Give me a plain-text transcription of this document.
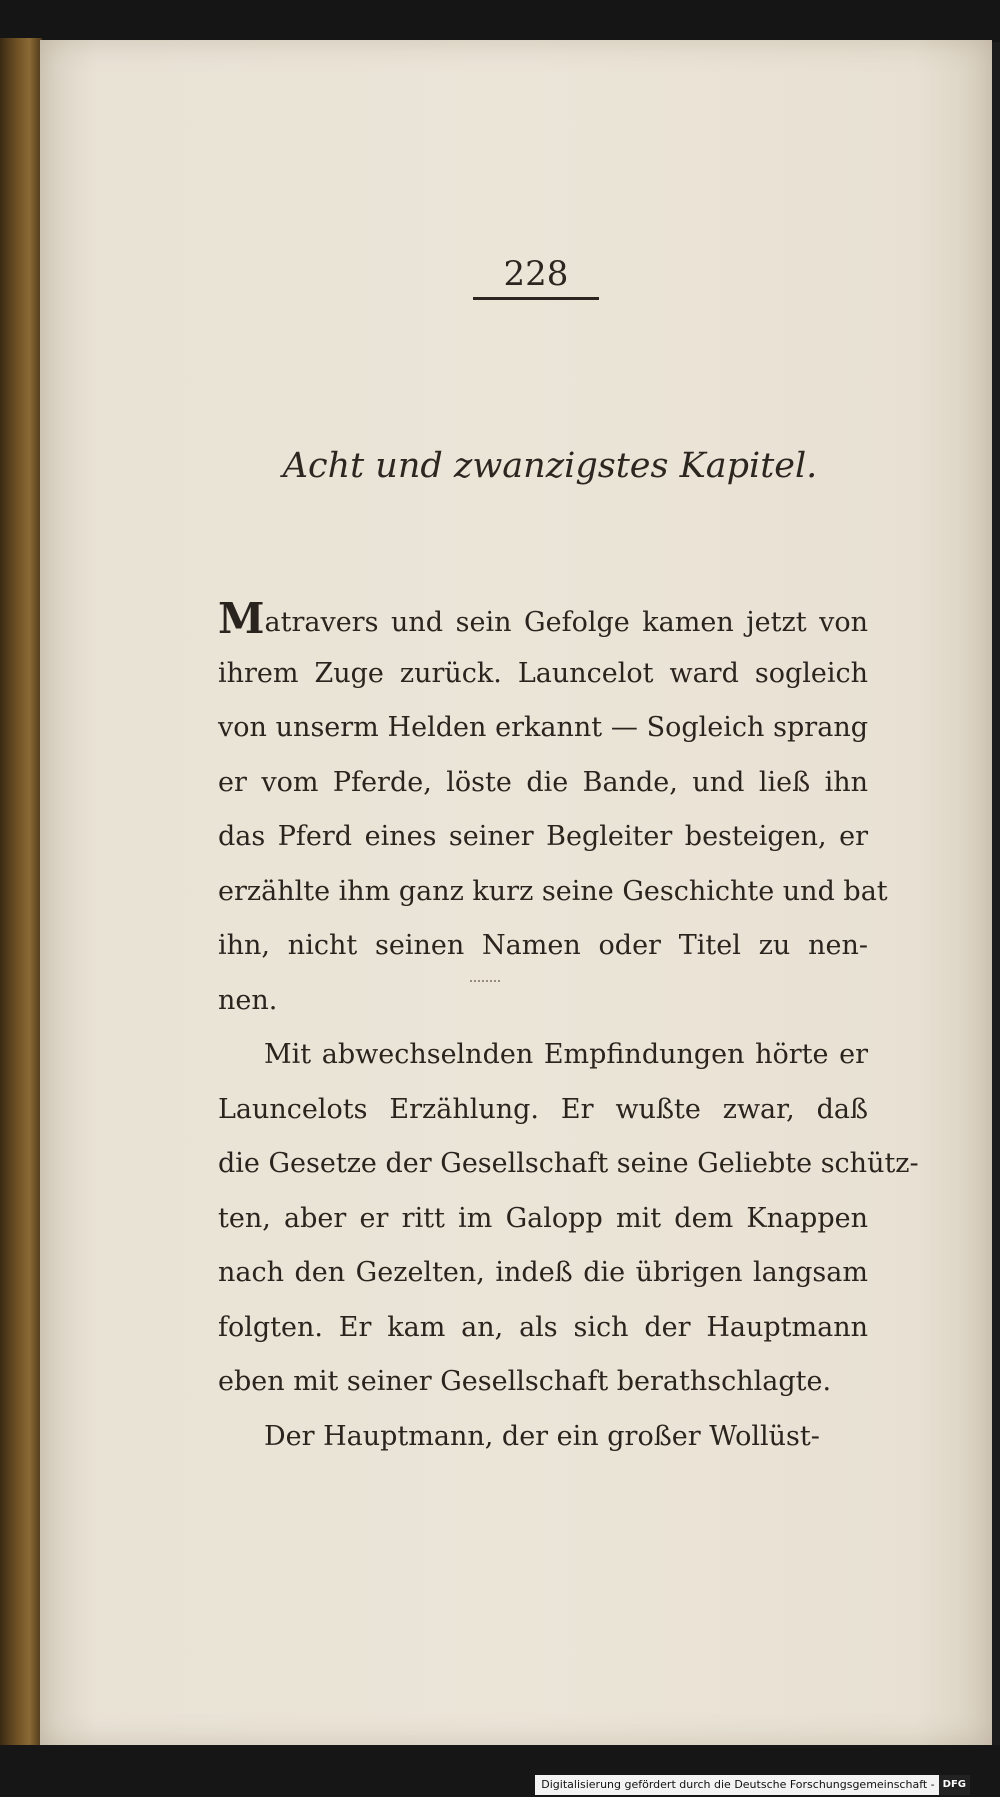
228
Acht und zwanzigstes Kapitel.
Matravers und sein Gefolge kamen jetzt von
ihrem Zuge zurück. Launcelot ward sogleich
von unserm Helden erkannt — Sogleich sprang
er vom Pferde, löste die Bande, und ließ ihn
das Pferd eines seiner Begleiter besteigen, er
erzählte ihm ganz kurz seine Geschichte und bat
ihn, nicht seinen Namen oder Titel zu nen-
nen.
Mit abwechselnden Empfindungen hörte er
Launcelots Erzählung. Er wußte zwar, daß
die Gesetze der Gesellschaft seine Geliebte schütz-
ten, aber er ritt im Galopp mit dem Knappen
nach den Gezelten, indeß die übrigen langsam
folgten. Er kam an, als sich der Hauptmann
eben mit seiner Gesellschaft berathschlagte.
Der Hauptmann, der ein großer Wollüst-
Digitalisierung gefördert durch die Deutsche Forschungsgemeinschaft - DFG
